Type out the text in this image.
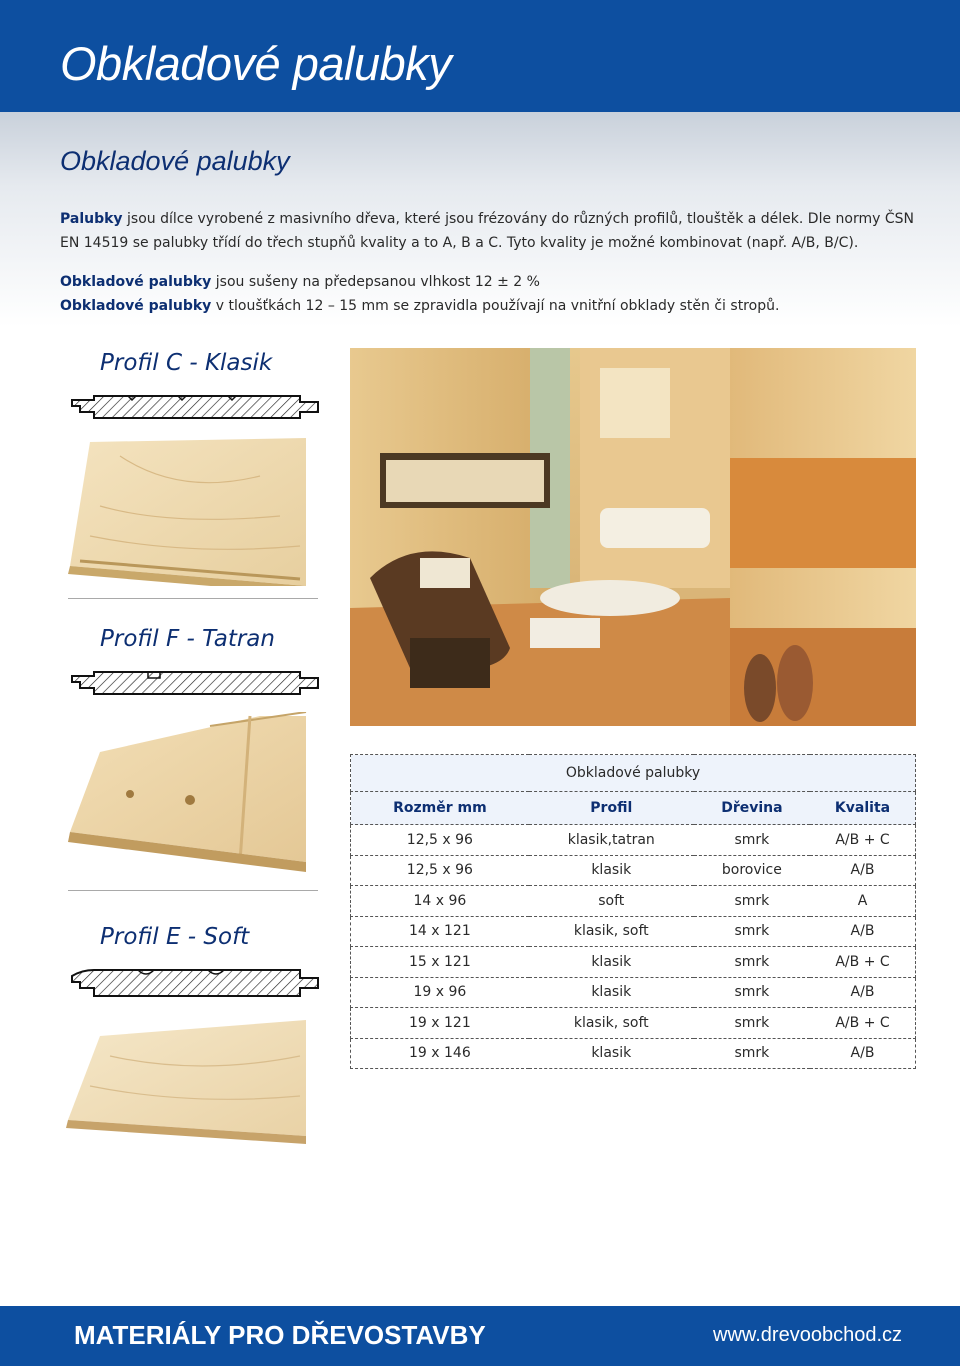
Obkladové palubky
Obkladové palubky

Palubky jsou dílce vyrobené z masivního dřeva, které jsou frézovány do různých profilů, tlouštěk a délek. Dle normy ČSN EN 14519 se palubky třídí do třech stupňů kvality a to A, B a C. Tyto kvality je možné kombinovat (např. A/B, B/C).

Obkladové palubky jsou sušeny na předepsanou vlhkost 12 ± 2 %

Obkladové palubky v tloušťkách 12 – 15 mm se zpravidla používají na vnitřní obklady stěn či stropů.

Profil C - Klasik
Profil F - Tatran
Profil E - Soft
Obkladové palubky			
Rozměr mm	Profil	Dřevina	Kvalita
12,5 x 96	klasik,tatran	smrk	A/B + C
12,5 x 96	klasik	borovice	A/B
14 x 96	soft	smrk	A
14 x 121	klasik, soft	smrk	A/B
15 x 121	klasik	smrk	A/B + C
19 x 96	klasik	smrk	A/B
19 x 121	klasik, soft	smrk	A/B + C
19 x 146	klasik	smrk	A/B
MATERIÁLY PRO DŘEVOSTAVBY	www.drevoobchod.cz
